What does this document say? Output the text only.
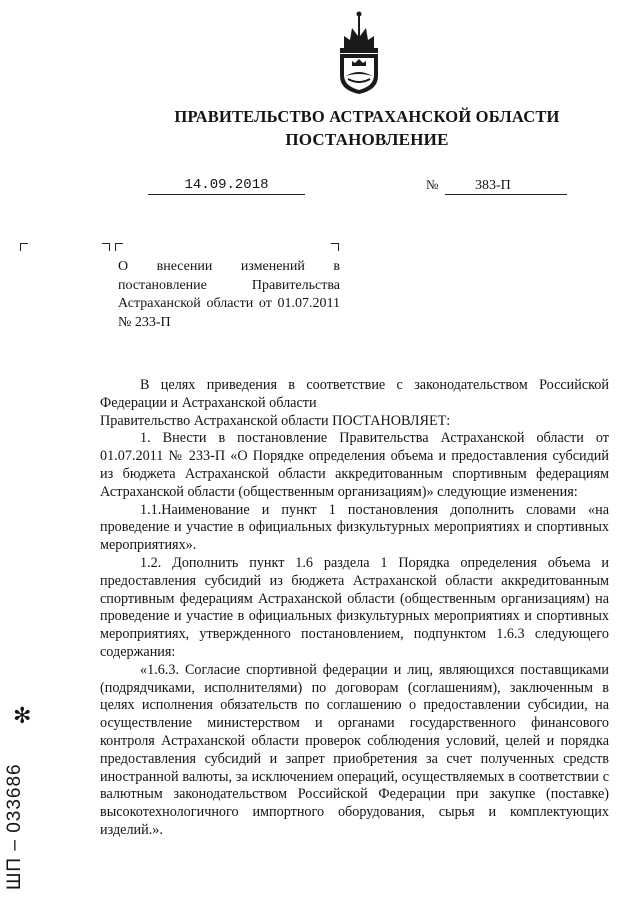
ПРАВИТЕЛЬСТВО АСТРАХАНСКОЙ ОБЛАСТИ
ПОСТАНОВЛЕНИЕ
14.09.2018	№	383-П
О внесении изменений в постановление Правительства Астраханской области от 01.07.2011 № 233-П

В целях приведения в соответствие с законодательством Российской Федерации и Астраханской области

Правительство Астраханской области ПОСТАНОВЛЯЕТ:

1. Внести в постановление Правительства Астраханской области от 01.07.2011 № 233-П «О Порядке определения объема и предоставления субсидий из бюджета Астраханской области аккредитованным спортивным федерациям Астраханской области (общественным организациям)» следующие изменения:

1.1.Наименование и пункт 1 постановления дополнить словами «на проведение и участие в официальных физкультурных мероприятиях и спортивных мероприятиях».

1.2. Дополнить пункт 1.6 раздела 1 Порядка определения объема и предоставления субсидий из бюджета Астраханской области аккредитованным спортивным федерациям Астраханской области (общественным организациям) на проведение и участие в официальных физкультурных мероприятиях и спортивных мероприятиях, утвержденного постановлением, подпунктом 1.6.3 следующего содержания:

«1.6.3. Согласие спортивной федерации и лиц, являющихся поставщиками (подрядчиками, исполнителями) по договорам (соглашениям), заключенным в целях исполнения обязательств по соглашению о предоставлении субсидии, на осуществление министерством и органами государственного финансового контроля Астраханской области проверок соблюдения условий, целей и порядка предоставления субсидий и запрет приобретения за счет полученных средств иностранной валюты, за исключением операций, осуществляемых в соответствии с валютным законодательством Российской Федерации при закупке (поставке) высокотехнологичного импортного оборудования, сырья и комплектующих изделий.».

✻
ШП – 033686
